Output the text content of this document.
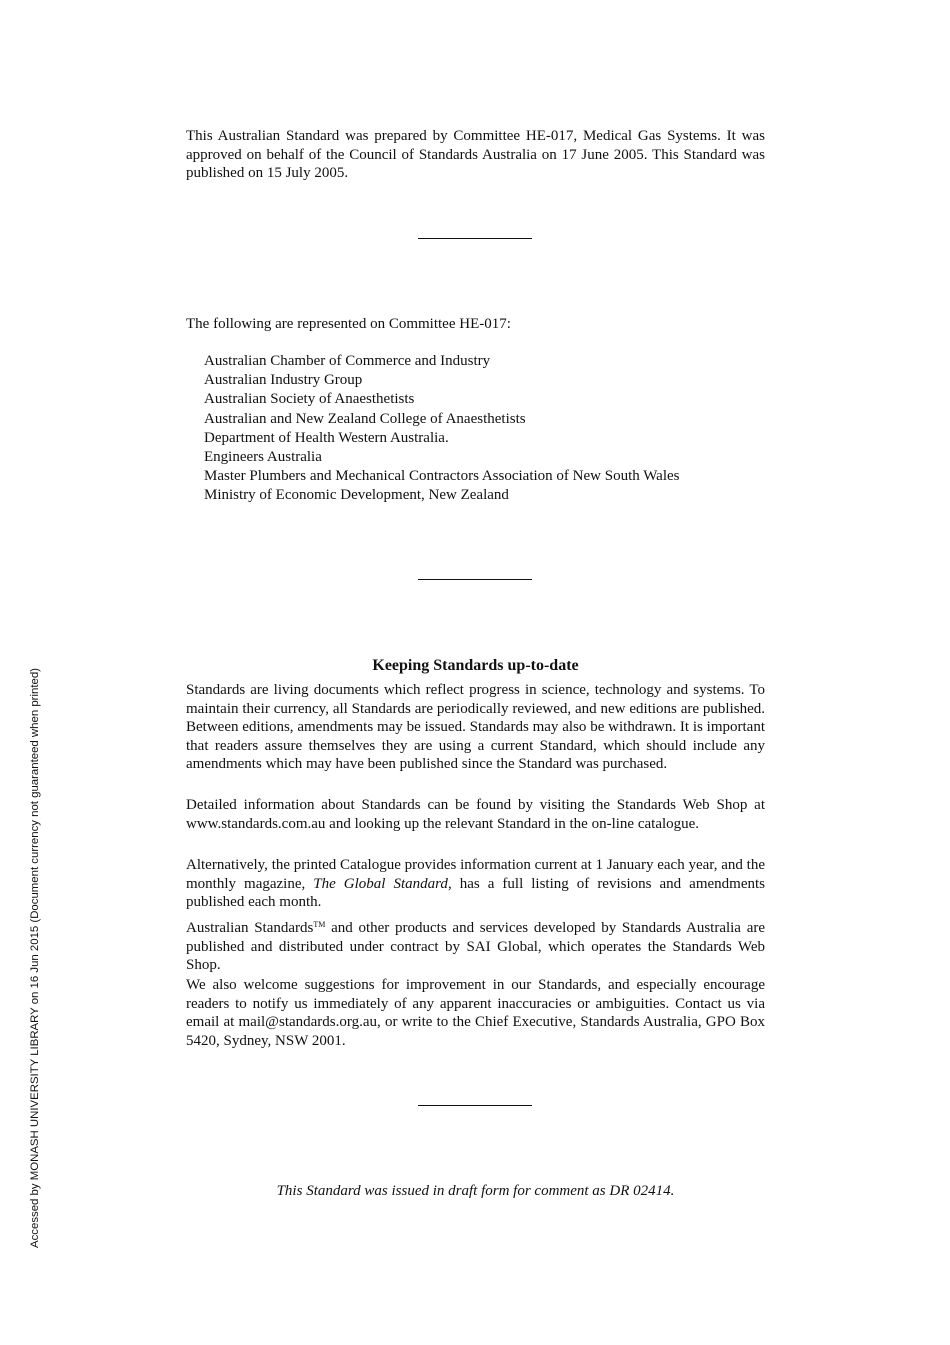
This Australian Standard was prepared by Committee HE-017, Medical Gas Systems. It was approved on behalf of the Council of Standards Australia on 17 June 2005. This Standard was published on 15 July 2005.

The following are represented on Committee HE-017:

Australian Chamber of Commerce and Industry
Australian Industry Group
Australian Society of Anaesthetists
Australian and New Zealand College of Anaesthetists
Department of Health Western Australia.
Engineers Australia
Master Plumbers and Mechanical Contractors Association of New South Wales
Ministry of Economic Development, New Zealand
Keeping Standards up-to-date

Standards are living documents which reflect progress in science, technology and systems. To maintain their currency, all Standards are periodically reviewed, and new editions are published. Between editions, amendments may be issued. Standards may also be withdrawn. It is important that readers assure themselves they are using a current Standard, which should include any amendments which may have been published since the Standard was purchased.

Detailed information about Standards can be found by visiting the Standards Web Shop at www.standards.com.au and looking up the relevant Standard in the on-line catalogue.

Alternatively, the printed Catalogue provides information current at 1 January each year, and the monthly magazine, The Global Standard, has a full listing of revisions and amendments published each month.

Australian Standards™ and other products and services developed by Standards Australia are published and distributed under contract by SAI Global, which operates the Standards Web Shop.

We also welcome suggestions for improvement in our Standards, and especially encourage readers to notify us immediately of any apparent inaccuracies or ambiguities. Contact us via email at mail@standards.org.au, or write to the Chief Executive, Standards Australia, GPO Box 5420, Sydney, NSW 2001.

This Standard was issued in draft form for comment as DR 02414.

Accessed by MONASH UNIVERSITY LIBRARY on 16 Jun 2015 (Document currency not guaranteed when printed)
